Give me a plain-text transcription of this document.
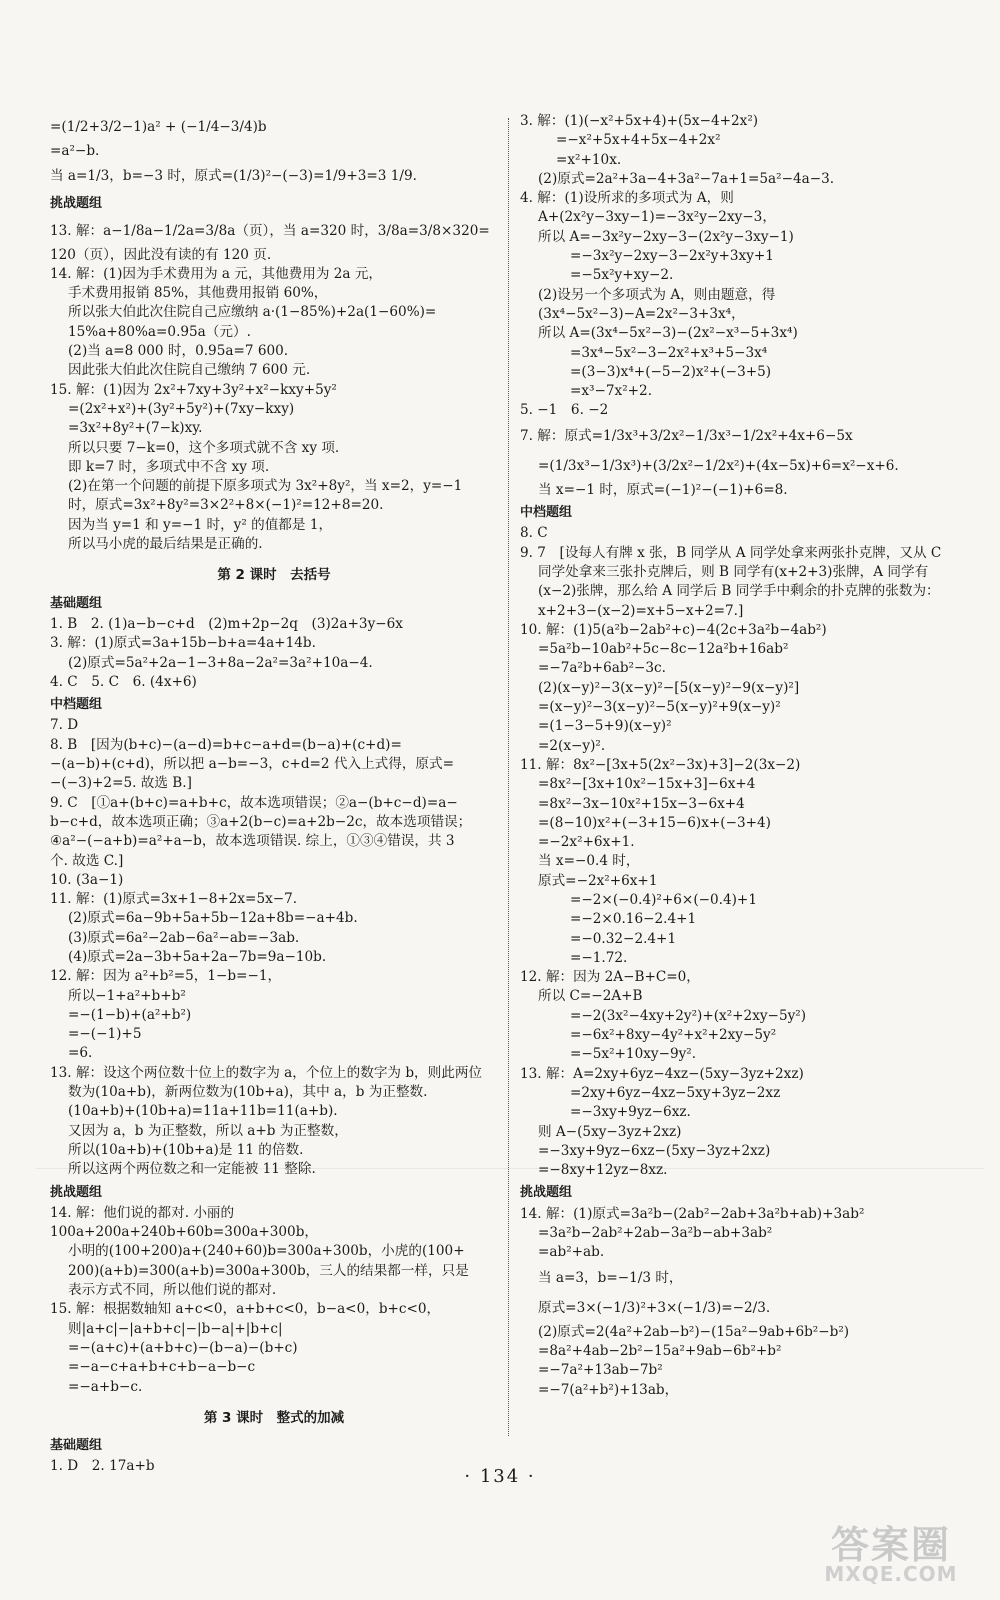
=(1/2+3/2−1)a² + (−1/4−3/4)b
=a²−b.
当 a=1/3，b=−3 时，原式=(1/3)²−(−3)=1/9+3=3 1/9.
挑战题组
13. 解：a−1/8a−1/2a=3/8a（页），当 a=320 时，3/8a=3/8×320=
120（页），因此没有读的有 120 页.
14. 解：(1)因为手术费用为 a 元，其他费用为 2a 元，
手术费用报销 85%，其他费用报销 60%，
所以张大伯此次住院自己应缴纳 a·(1−85%)+2a(1−60%)=
15%a+80%a=0.95a（元）.
(2)当 a=8 000 时，0.95a=7 600.
因此张大伯此次住院自己缴纳 7 600 元.
15. 解：(1)因为 2x²+7xy+3y²+x²−kxy+5y²
=(2x²+x²)+(3y²+5y²)+(7xy−kxy)
=3x²+8y²+(7−k)xy.
所以只要 7−k=0，这个多项式就不含 xy 项.
即 k=7 时，多项式中不含 xy 项.
(2)在第一个问题的前提下原多项式为 3x²+8y²，当 x=2，y=−1
时，原式=3x²+8y²=3×2²+8×(−1)²=12+8=20.
因为当 y=1 和 y=−1 时，y² 的值都是 1，
所以马小虎的最后结果是正确的.
第 2 课时　去括号
基础题组
1. B　2. (1)a−b−c+d　(2)m+2p−2q　(3)2a+3y−6x
3. 解：(1)原式=3a+15b−b+a=4a+14b.
(2)原式=5a²+2a−1−3+8a−2a²=3a²+10a−4.
4. C　5. C　6. (4x+6)
中档题组
7. D
8. B　[因为(b+c)−(a−d)=b+c−a+d=(b−a)+(c+d)=
−(a−b)+(c+d)，所以把 a−b=−3，c+d=2 代入上式得，原式=
−(−3)+2=5. 故选 B.]
9. C　[①a+(b+c)=a+b+c，故本选项错误；②a−(b+c−d)=a−
b−c+d，故本选项正确；③a+2(b−c)=a+2b−2c，故本选项错误；
④a²−(−a+b)=a²+a−b，故本选项错误. 综上，①③④错误，共 3
个. 故选 C.]
10. (3a−1)
11. 解：(1)原式=3x+1−8+2x=5x−7.
(2)原式=6a−9b+5a+5b−12a+8b=−a+4b.
(3)原式=6a²−2ab−6a²−ab=−3ab.
(4)原式=2a−3b+5a+2a−7b=9a−10b.
12. 解：因为 a²+b²=5，1−b=−1，
所以−1+a²+b+b²
=−(1−b)+(a²+b²)
=−(−1)+5
=6.
13. 解：设这个两位数十位上的数字为 a，个位上的数字为 b，则此两位
数为(10a+b)，新两位数为(10b+a)，其中 a，b 为正整数.
(10a+b)+(10b+a)=11a+11b=11(a+b).
又因为 a，b 为正整数，所以 a+b 为正整数，
所以(10a+b)+(10b+a)是 11 的倍数.
所以这两个两位数之和一定能被 11 整除.
挑战题组
14. 解：他们说的都对. 小丽的 100a+200a+240b+60b=300a+300b，
小明的(100+200)a+(240+60)b=300a+300b，小虎的(100+
200)(a+b)=300(a+b)=300a+300b，三人的结果都一样，只是
表示方式不同，所以他们说的都对.
15. 解：根据数轴知 a+c<0，a+b+c<0，b−a<0，b+c<0，
则|a+c|−|a+b+c|−|b−a|+|b+c|
=−(a+c)+(a+b+c)−(b−a)−(b+c)
=−a−c+a+b+c+b−a−b−c
=−a+b−c.
第 3 课时　整式的加减
基础题组
1. D　2. 17a+b
3. 解：(1)(−x²+5x+4)+(5x−4+2x²)
=−x²+5x+4+5x−4+2x²
=x²+10x.
(2)原式=2a²+3a−4+3a²−7a+1=5a²−4a−3.
4. 解：(1)设所求的多项式为 A，则
A+(2x²y−3xy−1)=−3x²y−2xy−3，
所以 A=−3x²y−2xy−3−(2x²y−3xy−1)
=−3x²y−2xy−3−2x²y+3xy+1
=−5x²y+xy−2.
(2)设另一个多项式为 A，则由题意，得
(3x⁴−5x²−3)−A=2x²−3+3x⁴，
所以 A=(3x⁴−5x²−3)−(2x²−x³−5+3x⁴)
=3x⁴−5x²−3−2x²+x³+5−3x⁴
=(3−3)x⁴+(−5−2)x²+(−3+5)
=x³−7x²+2.
5. −1　6. −2
7. 解：原式=1/3x³+3/2x²−1/3x³−1/2x²+4x+6−5x
=(1/3x³−1/3x³)+(3/2x²−1/2x²)+(4x−5x)+6=x²−x+6.
当 x=−1 时，原式=(−1)²−(−1)+6=8.
中档题组
8. C
9. 7　[设每人有牌 x 张，B 同学从 A 同学处拿来两张扑克牌，又从 C
同学处拿来三张扑克牌后，则 B 同学有(x+2+3)张牌，A 同学有
(x−2)张牌，那么给 A 同学后 B 同学手中剩余的扑克牌的张数为：
x+2+3−(x−2)=x+5−x+2=7.]
10. 解：(1)5(a²b−2ab²+c)−4(2c+3a²b−4ab²)
=5a²b−10ab²+5c−8c−12a²b+16ab²
=−7a²b+6ab²−3c.
(2)(x−y)²−3(x−y)²−[5(x−y)²−9(x−y)²]
=(x−y)²−3(x−y)²−5(x−y)²+9(x−y)²
=(1−3−5+9)(x−y)²
=2(x−y)².
11. 解：8x²−[3x+5(2x²−3x)+3]−2(3x−2)
=8x²−[3x+10x²−15x+3]−6x+4
=8x²−3x−10x²+15x−3−6x+4
=(8−10)x²+(−3+15−6)x+(−3+4)
=−2x²+6x+1.
当 x=−0.4 时，
原式=−2x²+6x+1
=−2×(−0.4)²+6×(−0.4)+1
=−2×0.16−2.4+1
=−0.32−2.4+1
=−1.72.
12. 解：因为 2A−B+C=0，
所以 C=−2A+B
=−2(3x²−4xy+2y²)+(x²+2xy−5y²)
=−6x²+8xy−4y²+x²+2xy−5y²
=−5x²+10xy−9y².
13. 解：A=2xy+6yz−4xz−(5xy−3yz+2xz)
=2xy+6yz−4xz−5xy+3yz−2xz
=−3xy+9yz−6xz.
则 A−(5xy−3yz+2xz)
=−3xy+9yz−6xz−(5xy−3yz+2xz)
=−8xy+12yz−8xz.
挑战题组
14. 解：(1)原式=3a²b−(2ab²−2ab+3a²b+ab)+3ab²
=3a²b−2ab²+2ab−3a²b−ab+3ab²
=ab²+ab.
当 a=3，b=−1/3 时，
原式=3×(−1/3)²+3×(−1/3)=−2/3.
(2)原式=2(4a²+2ab−b²)−(15a²−9ab+6b²−b²)
=8a²+4ab−2b²−15a²+9ab−6b²+b²
=−7a²+13ab−7b²
=−7(a²+b²)+13ab，
· 134 ·
答案圈
MXQE.COM
